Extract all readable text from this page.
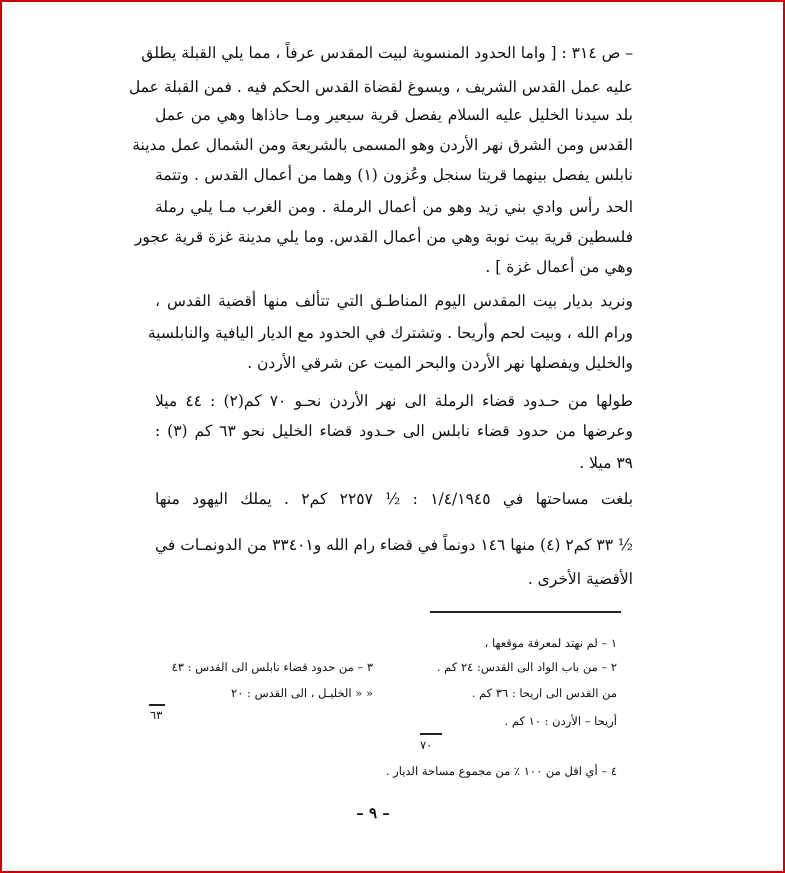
– ص ٣١٤ : [ واما الحدود المنسوبة لبيت المقدس عرفاً ، مما يلي القبلة يطلق
عليه عمل القدس الشريف ، ويسوغ لقضاة القدس الحكم فيه . فمن القبلة عمل
بلد سيدنا الخليل عليه السلام يفصل قرية سيعير ومـا حاذاها وهي من عمل
القدس ومن الشرق نهر الأردن وهو المسمى بالشريعة ومن الشمال عمل مدينة
نابلس يفصل بينهما قريتا سنجل وعُزون (١) وهما من أعمال القدس . وتتمة
الحد رأس وادي بني زيد وهو من أعمال الرملة . ومن الغرب مـا يلي رملة
فلسطين قرية بيت نوبة وهي من أعمال القدس. وما يلي مدينة غزة قرية عجور
وهي من أعمال غزة ] .
ونريد بديار بيت المقدس اليوم المناطـق التي تتألف منها أقضية القدس ،
ورام الله ، وبيت لحم وأريحا . وتشترك في الحدود مع الديار اليافية والنابلسية
والخليل ويفصلها نهر الأردن والبحر الميت عن شرقي الأردن .
طولها من حـدود قضاء الرملة الى نهر الأردن نحـو ٧٠ كم(٢) : ٤٤ ميلا
وعرضها من حدود قضاء نابلس الى حـدود قضاء الخليل نحو ٦٣ كم (٣) :
٣٩ ميلا .
بلغت مساحتها في ١/٤/١٩٤٥ : ½ ٢٢٥٧ كم٢ . يملك اليهود منها
½ ٣٣ كم٢ (٤) منها ١٤٦ دونماً في قضاء رام الله و٣٣٤٠١ من الدونمـات في
الأقضية الأخرى .
١ – لم نهتد لمعرفة موقعها ،
٢ – من باب الواد الى القدس: ٢٤ كم .
٣ – من حدود قضاء نابلس الى القدس : ٤٣
من القدس الى اريحا : ٣٦ كم .
« « الخليـل ، الى القدس : ٢٠
٦٣	أريحا – الأردن : ١٠ كم .
٧٠
٤ – أي اقل من ١٠٠ ٪ من مجموع مساحة الديار .
– ٩ –
